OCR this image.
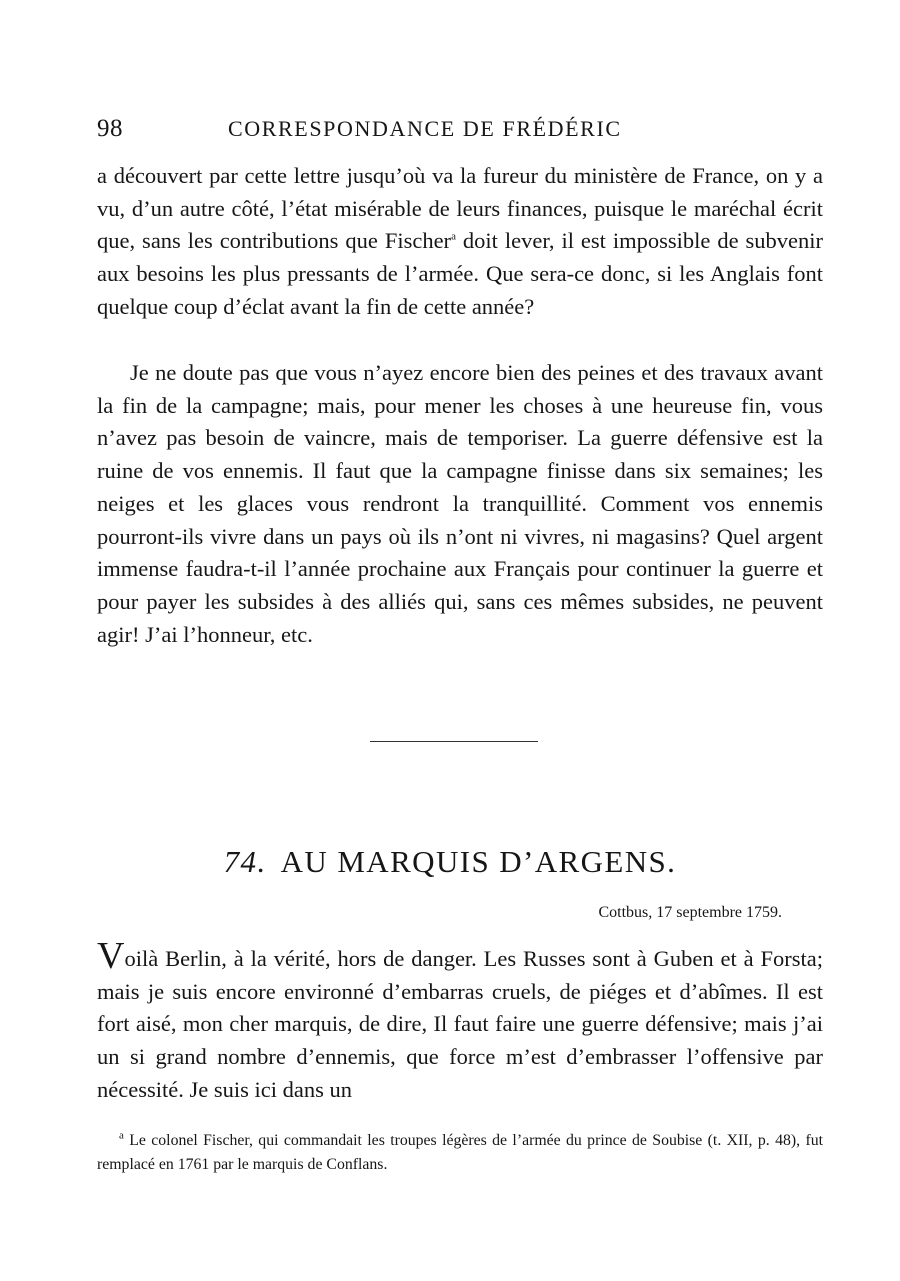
98	CORRESPONDANCE DE FRÉDÉRIC

a découvert par cette lettre jusqu’où va la fureur du ministère de France, on y a vu, d’un autre côté, l’état misérable de leurs finances, puisque le maréchal écrit que, sans les contributions que Fischer$^a$ doit lever, il est impossible de subvenir aux besoins les plus pressants de l’armée. Que sera-ce donc, si les Anglais font quelque coup d’éclat avant la fin de cette année?

Je ne doute pas que vous n’ayez encore bien des peines et des travaux avant la fin de la campagne; mais, pour mener les choses à une heureuse fin, vous n’avez pas besoin de vaincre, mais de temporiser. La guerre défensive est la ruine de vos ennemis. Il faut que la campagne finisse dans six semaines; les neiges et les glaces vous rendront la tranquillité. Comment vos ennemis pourront-ils vivre dans un pays où ils n’ont ni vivres, ni magasins? Quel argent immense faudra-t-il l’année prochaine aux Français pour continuer la guerre et pour payer les subsides à des alliés qui, sans ces mêmes subsides, ne peuvent agir! J’ai l’honneur, etc.

74. AU MARQUIS D’ARGENS.
Cottbus, 17 septembre 1759.

Voilà Berlin, à la vérité, hors de danger. Les Russes sont à Guben et à Forsta; mais je suis encore environné d’embarras cruels, de piéges et d’abîmes. Il est fort aisé, mon cher marquis, de dire, Il faut faire une guerre défensive; mais j’ai un si grand nombre d’ennemis, que force m’est d’embrasser l’offensive par nécessité. Je suis ici dans un

$^a$ Le colonel Fischer, qui commandait les troupes légères de l’armée du prince de Soubise (t. XII, p. 48), fut remplacé en 1761 par le marquis de Conflans.
